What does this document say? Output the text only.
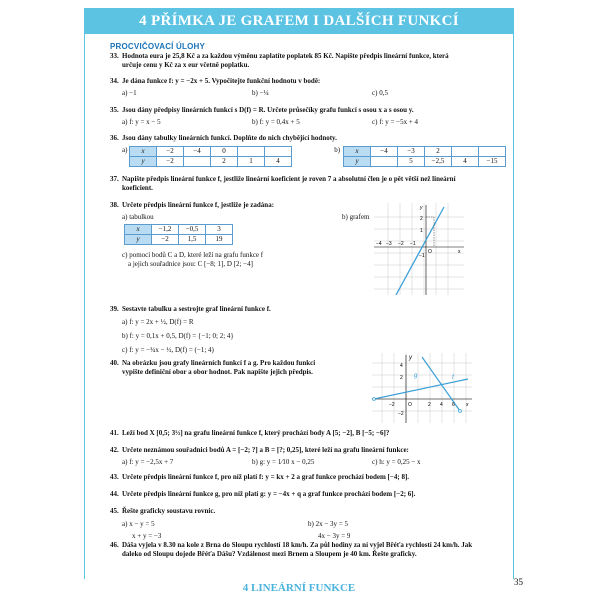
4 PŘÍMKA JE GRAFEM I DALŠÍCH FUNKCÍ
PROCVIČOVACÍ ÚLOHY
33. Hodnota eura je 25,8 Kč a za každou výměnu zaplatíte poplatek 85 Kč. Napište předpis lineární funkce, která
určuje cenu y Kč za x eur včetně poplatku.
34. Je dána funkce f: y = −2x + 5. Vypočítejte funkční hodnotu v bodě:
a) −1	b) −¼	c) 0,5
35. Jsou dány předpisy lineárních funkcí s D(f) = R. Určete průsečíky grafu funkcí s osou x a s osou y.
a) f: y = x − 5	b) f: y = 0,4x + 5	c) f: y = −5x + 4
36. Jsou dány tabulky lineárních funkcí. Doplňte do nich chybějící hodnoty.
a) x	−2	−4	0		
y	−2		2	1	4
b)	x	−4	−3	2		
y		5	−2,5	4	−15
37. Napište předpis lineární funkce f, jestliže lineární koeficient je roven 7 a absolutní člen je o pět větší než lineární
koeficient.
38. Určete předpis lineární funkce f, jestliže je zadána:
a) tabulkou
x	−1,2	−0,5	3
y	−2	1,5	19
c) pomocí bodů C a D, které leží na grafu funkce f
a jejich souřadnice jsou: C [−8; 1], D [2; −4]
b) grafem
39. Sestavte tabulku a sestrojte graf lineární funkce f.
a) f: y = 2x + ½, D(f) = R
b) f: y = 0,1x + 0,5, D(f) = {−1; 0; 2; 4}
c) f: y = −¾x − ½, D(f) = (−1; 4)
40. Na obrázku jsou grafy lineárních funkcí f a g. Pro každou funkci
vypište definiční obor a obor hodnot. Pak napište jejich předpis.
41. Leží bod X [0,5; 3½] na grafu lineární funkce f, který prochází body A [5; −2], B [−5; −6]?
42. Určete neznámou souřadnici bodů A = [−2; ?] a B = [?; 0,25], které leží na grafu lineární funkce:
a) f: y = −2,5x + 7	b) g: y = 1⁄10 x − 0,25	c) h: y = 0,25 − x
43. Určete předpis lineární funkce f, pro níž platí f: y = kx + 2 a graf funkce prochází bodem [−4; 8].
44. Určete předpis lineární funkce g, pro níž platí g: y = −4x + q a graf funkce prochází bodem [−2; 6].
45. Řešte graficky soustavu rovnic.
a) x − y = 5	b) 2x − 3y = 5
x + y = −3	4x − 3y = 9
46. Dáša vyjela v 8.30 na kole z Brna do Sloupu rychlostí 18 km/h. Za půl hodiny za ní vyjel Břéťa rychlostí 24 km/h. Jak
daleko od Sloupu dojede Břéťa Dášu? Vzdálenost mezi Brnem a Sloupem je 40 km. Řešte graficky.
−4 −3 −2 −1
O	x
y
2
1
−1
y
f
g
4
2
−2	2 4 6 x
−2
O
4 LINEÁRNÍ FUNKCE	35
